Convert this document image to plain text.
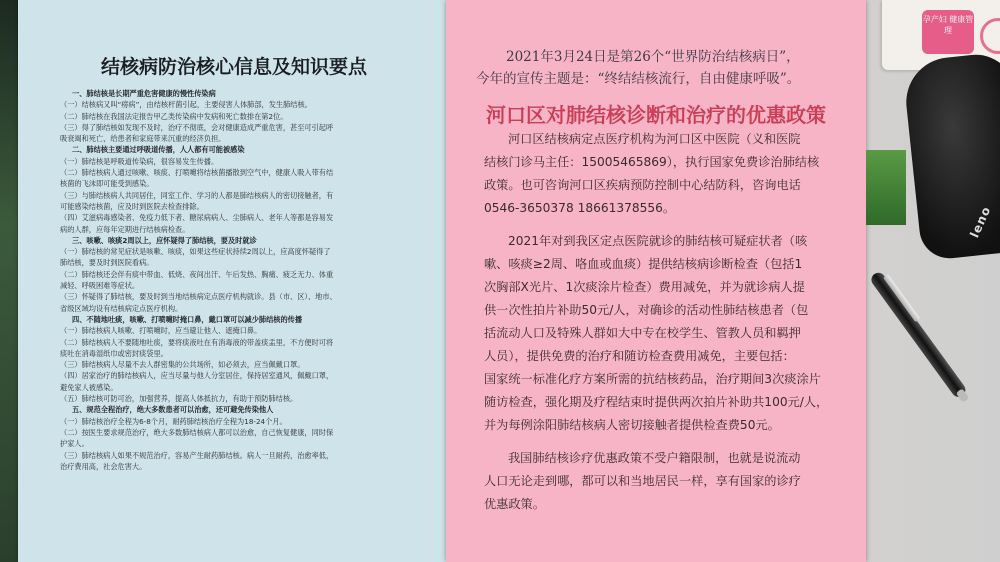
结核病防治核心信息及知识要点

一、肺结核是长期严重危害健康的慢性传染病

（一）结核病又叫“痨病”，由结核杆菌引起，主要侵害人体肺部，发生肺结核。

（二）肺结核在我国法定报告甲乙类传染病中发病和死亡数排在第2位。

（三）得了肺结核如发现不及时，治疗不彻底，会对健康造成严重危害，甚至可引起呼

吸衰竭和死亡，给患者和家庭带来沉重的经济负担。

二、肺结核主要通过呼吸道传播，人人都有可能被感染

（一）肺结核是呼吸道传染病，很容易发生传播。

（二）肺结核病人通过咳嗽、咳痰、打喷嚏将结核菌播散到空气中，健康人吸入带有结

核菌的飞沫即可能受到感染。

（三）与肺结核病人共同居住，同室工作、学习的人都是肺结核病人的密切接触者，有

可能感染结核菌，应及时到医院去检查排除。

（四）艾滋病毒感染者、免疫力低下者、糖尿病病人、尘肺病人、老年人等都是容易发

病的人群，应每年定期进行结核病检查。

三、咳嗽、咳痰2周以上，应怀疑得了肺结核，要及时就诊

（一）肺结核的常见症状是咳嗽、咳痰，如果这些症状持续2周以上，应高度怀疑得了

肺结核，要及时到医院看病。

（二）肺结核还会伴有痰中带血、低烧、夜间出汗、午后发热、胸痛、疲乏无力、体重

减轻、呼吸困难等症状。

（三）怀疑得了肺结核，要及时到当地结核病定点医疗机构就诊。县（市、区）、地市、

省级区域均设有结核病定点医疗机构。

四、不随地吐痰，咳嗽、打喷嚏时掩口鼻，戴口罩可以减少肺结核的传播

（一）肺结核病人咳嗽、打喷嚏时，应当避让他人、遮掩口鼻。

（二）肺结核病人不要随地吐痰，要将痰液吐在有消毒液的带盖痰盂里，不方便时可将

痰吐在消毒湿纸巾或密封痰袋里。

（三）肺结核病人尽量不去人群密集的公共场所，如必须去，应当佩戴口罩。

（四）居家治疗的肺结核病人，应当尽量与他人分室居住，保持居室通风，佩戴口罩，

避免家人被感染。

（五）肺结核可防可治，加强营养，提高人体抵抗力，有助于预防肺结核。

五、规范全程治疗，绝大多数患者可以治愈，还可避免传染他人

（一）肺结核治疗全程为6-8个月，耐药肺结核治疗全程为18-24个月。

（二）按医生要求规范治疗，绝大多数肺结核病人都可以治愈，自己恢复健康，同时保

护家人。

（三）肺结核病人如果不规范治疗，容易产生耐药肺结核。病人一旦耐药，治愈率低，

治疗费用高，社会危害大。

2021年3月24日是第26个“世界防治结核病日”，
今年的宣传主题是：“终结结核流行，自由健康呼吸”。
河口区对肺结核诊断和治疗的优惠政策

河口区结核病定点医疗机构为河口区中医院（义和医院

结核门诊马主任：15005465869），执行国家免费诊治肺结核

政策。也可咨询河口区疾病预防控制中心结防科，咨询电话

0546-3650378 18661378556。

2021年对到我区定点医院就诊的肺结核可疑症状者（咳

嗽、咳痰≥2周、咯血或血痰）提供结核病诊断检查（包括1

次胸部X光片、1次痰涂片检查）费用减免，并为就诊病人提

供一次性拍片补助50元/人，对确诊的活动性肺结核患者（包

括流动人口及特殊人群如大中专在校学生、管教人员和羁押

人员），提供免费的治疗和随访检查费用减免，主要包括：

国家统一标准化疗方案所需的抗结核药品，治疗期间3次痰涂片

随访检查，强化期及疗程结束时提供两次拍片补助共100元/人，

并为每例涂阳肺结核病人密切接触者提供检查费50元。

我国肺结核诊疗优惠政策不受户籍限制，也就是说流动

人口无论走到哪，都可以和当地居民一样，享有国家的诊疗

优惠政策。

孕产妇 健康管理
leno
